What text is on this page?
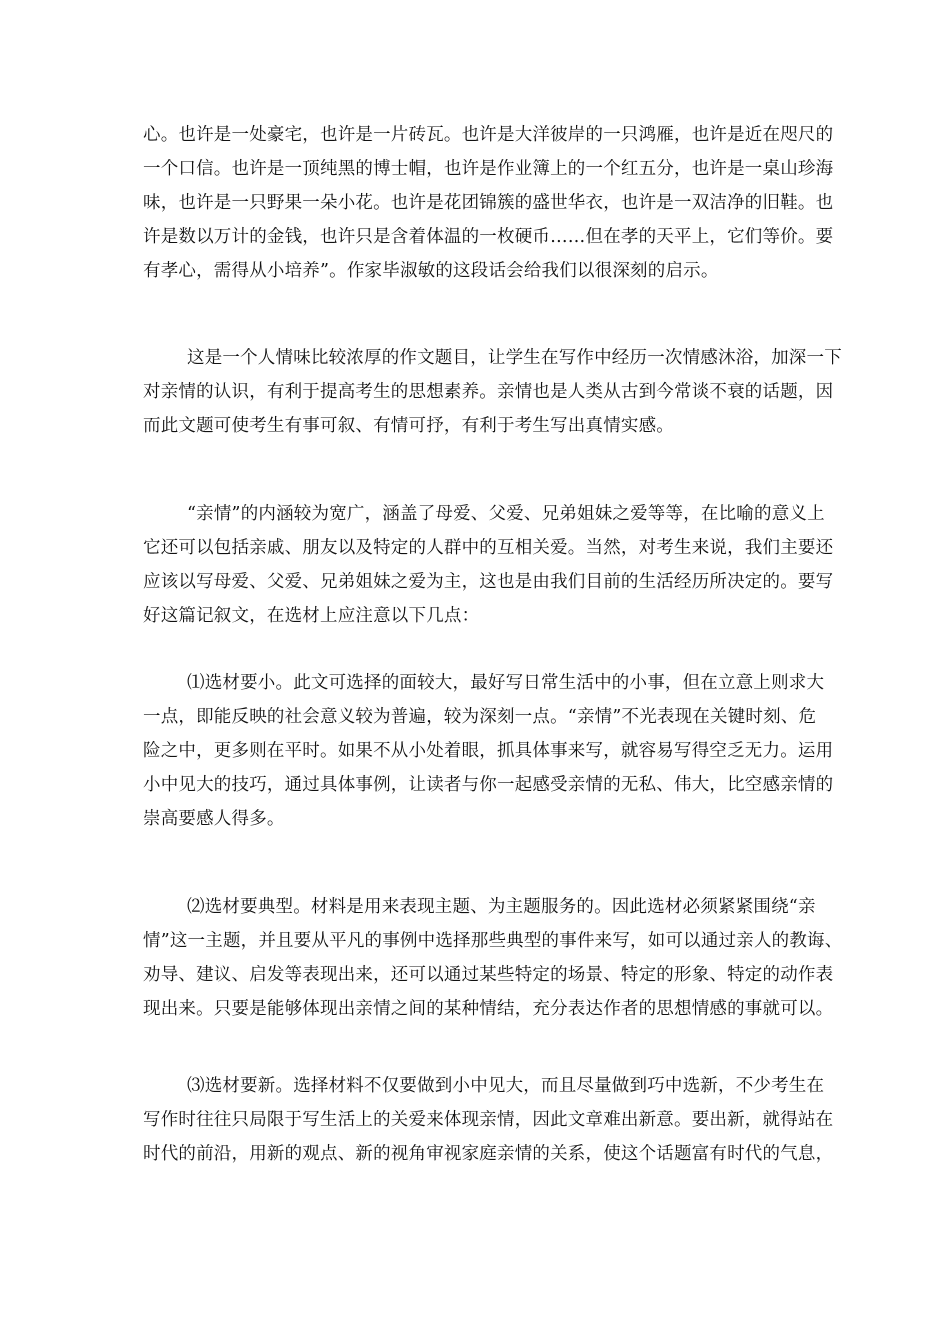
心。也许是一处豪宅，也许是一片砖瓦。也许是大洋彼岸的一只鸿雁，也许是近在咫尺的
一个口信。也许是一顶纯黑的博士帽，也许是作业簿上的一个红五分，也许是一桌山珍海
味，也许是一只野果一朵小花。也许是花团锦簇的盛世华衣，也许是一双洁净的旧鞋。也
许是数以万计的金钱，也许只是含着体温的一枚硬币……但在孝的天平上，它们等价。要
有孝心，需得从小培养”。作家毕淑敏的这段话会给我们以很深刻的启示。
这是一个人情味比较浓厚的作文题目，让学生在写作中经历一次情感沐浴，加深一下
对亲情的认识，有利于提高考生的思想素养。亲情也是人类从古到今常谈不衰的话题，因
而此文题可使考生有事可叙、有情可抒，有利于考生写出真情实感。
“亲情”的内涵较为宽广，涵盖了母爱、父爱、兄弟姐妹之爱等等，在比喻的意义上
它还可以包括亲戚、朋友以及特定的人群中的互相关爱。当然，对考生来说，我们主要还
应该以写母爱、父爱、兄弟姐妹之爱为主，这也是由我们目前的生活经历所决定的。要写
好这篇记叙文，在选材上应注意以下几点：
⑴选材要小。此文可选择的面较大，最好写日常生活中的小事，但在立意上则求大
一点，即能反映的社会意义较为普遍，较为深刻一点。“亲情”不光表现在关键时刻、危
险之中，更多则在平时。如果不从小处着眼，抓具体事来写，就容易写得空乏无力。运用
小中见大的技巧，通过具体事例，让读者与你一起感受亲情的无私、伟大，比空感亲情的
崇高要感人得多。
⑵选材要典型。材料是用来表现主题、为主题服务的。因此选材必须紧紧围绕“亲
情”这一主题，并且要从平凡的事例中选择那些典型的事件来写，如可以通过亲人的教诲、
劝导、建议、启发等表现出来，还可以通过某些特定的场景、特定的形象、特定的动作表
现出来。只要是能够体现出亲情之间的某种情结，充分表达作者的思想情感的事就可以。
⑶选材要新。选择材料不仅要做到小中见大，而且尽量做到巧中选新，不少考生在
写作时往往只局限于写生活上的关爱来体现亲情，因此文章难出新意。要出新，就得站在
时代的前沿，用新的观点、新的视角审视家庭亲情的关系，使这个话题富有时代的气息，
